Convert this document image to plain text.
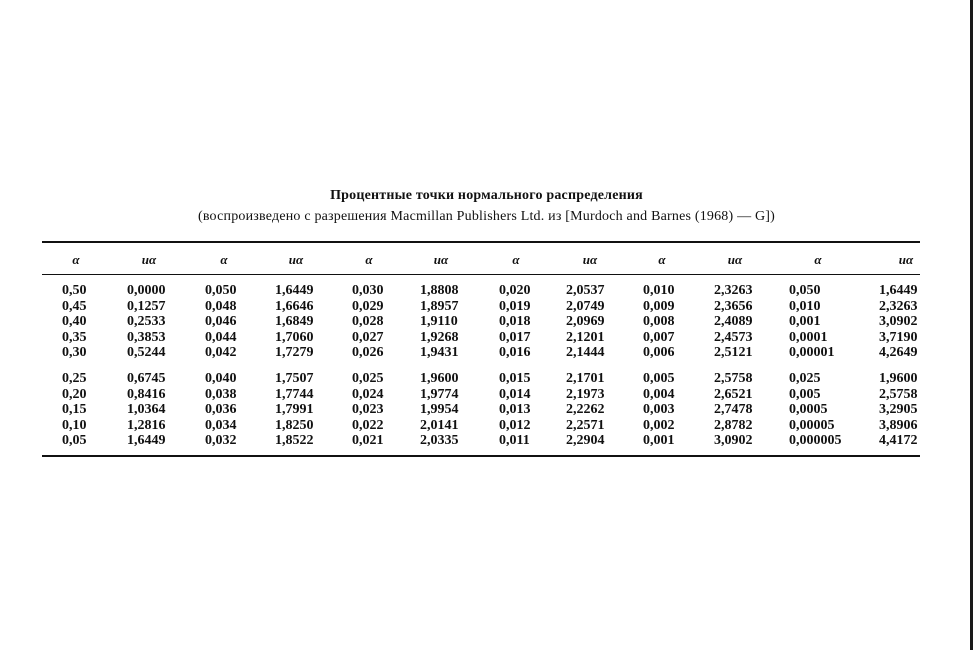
Процентные точки нормального распределения
(воспроизведено с разрешения Macmillan Publishers Ltd. из [Murdoch and Barnes (1968) — G])
α	uα	α	uα	α	uα	α	uα	α	uα	α	uα
0,50	0,0000	0,050	1,6449	0,030	1,8808	0,020	2,0537	0,010	2,3263	0,050	1,6449
0,45	0,1257	0,048	1,6646	0,029	1,8957	0,019	2,0749	0,009	2,3656	0,010	2,3263
0,40	0,2533	0,046	1,6849	0,028	1,9110	0,018	2,0969	0,008	2,4089	0,001	3,0902
0,35	0,3853	0,044	1,7060	0,027	1,9268	0,017	2,1201	0,007	2,4573	0,0001	3,7190
0,30	0,5244	0,042	1,7279	0,026	1,9431	0,016	2,1444	0,006	2,5121	0,00001	4,2649
0,25	0,6745	0,040	1,7507	0,025	1,9600	0,015	2,1701	0,005	2,5758	0,025	1,9600
0,20	0,8416	0,038	1,7744	0,024	1,9774	0,014	2,1973	0,004	2,6521	0,005	2,5758
0,15	1,0364	0,036	1,7991	0,023	1,9954	0,013	2,2262	0,003	2,7478	0,0005	3,2905
0,10	1,2816	0,034	1,8250	0,022	2,0141	0,012	2,2571	0,002	2,8782	0,00005	3,8906
0,05	1,6449	0,032	1,8522	0,021	2,0335	0,011	2,2904	0,001	3,0902	0,000005	4,4172
